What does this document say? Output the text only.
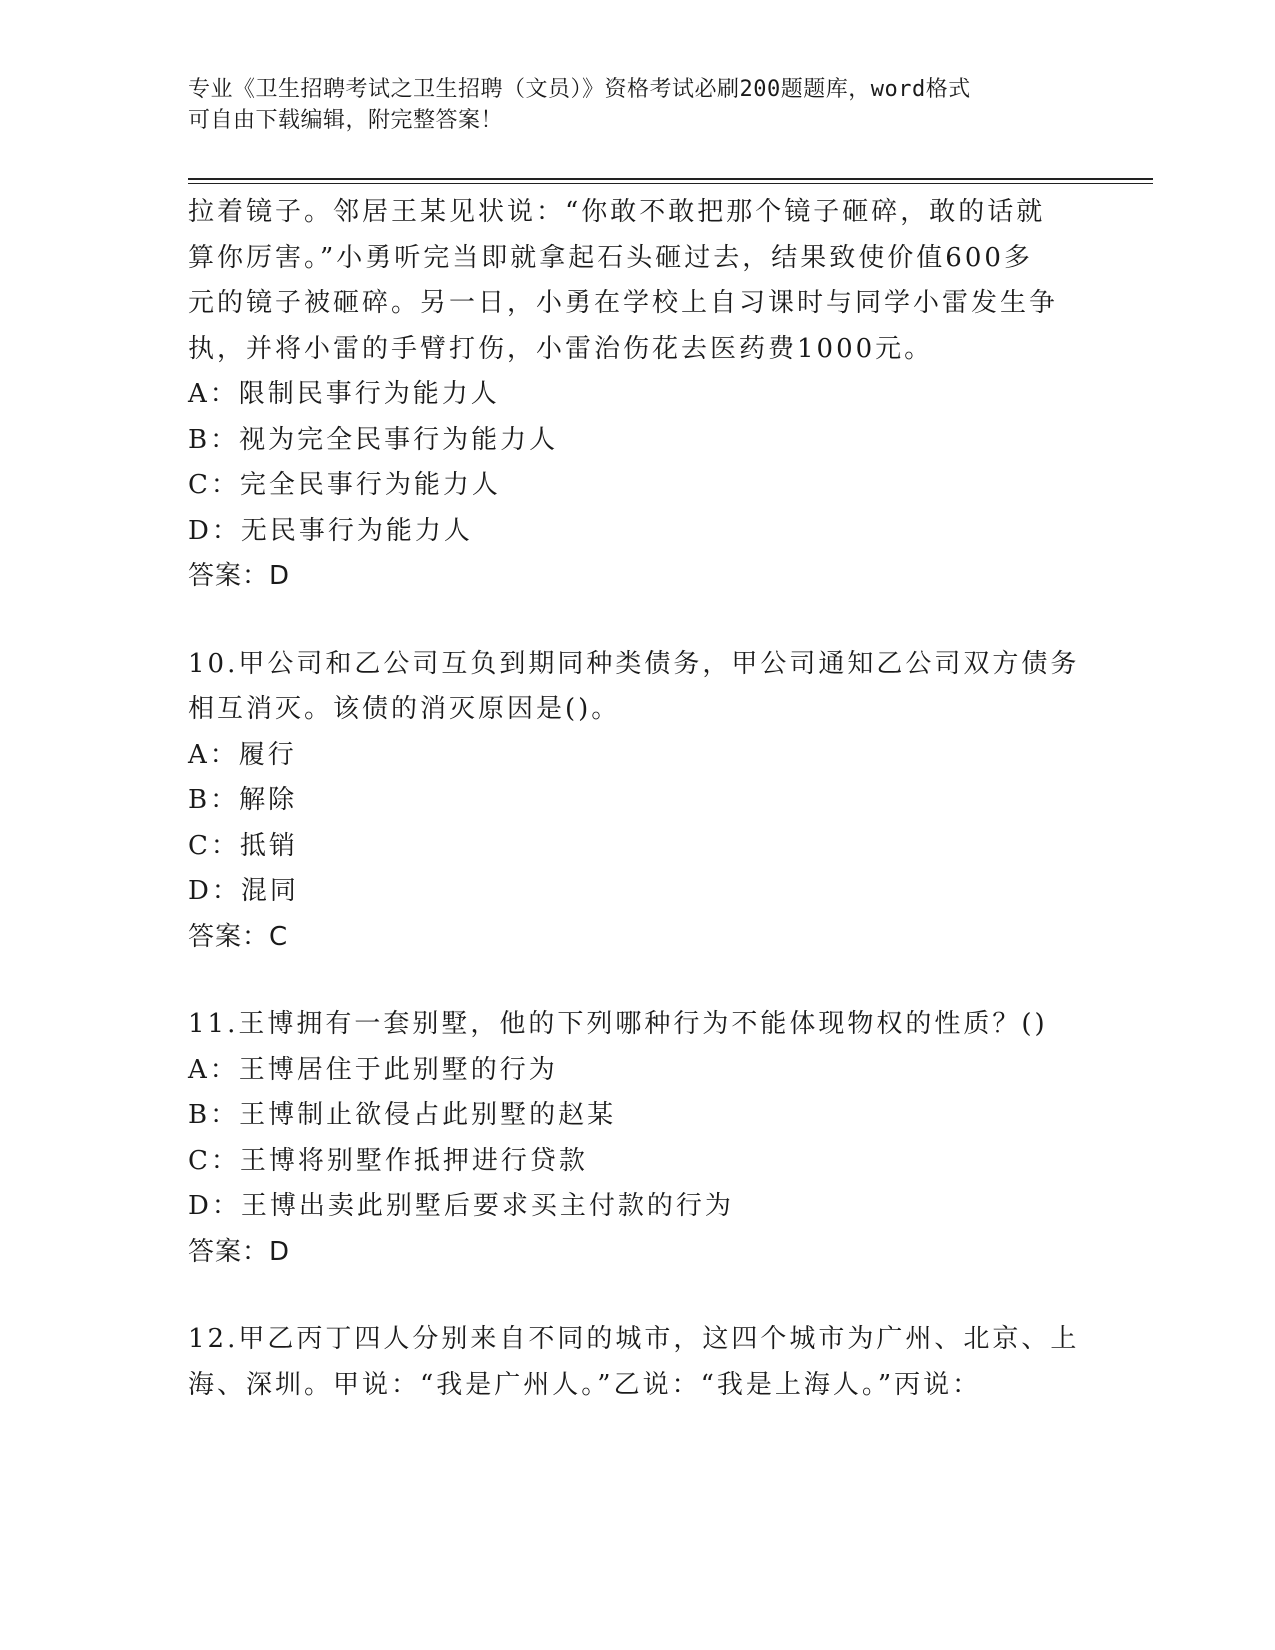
专业《卫生招聘考试之卫生招聘（文员）》资格考试必刷200题题库，word格式
可自由下载编辑，附完整答案！
拉着镜子。邻居王某见状说：“你敢不敢把那个镜子砸碎，敢的话就
算你厉害。”小勇听完当即就拿起石头砸过去，结果致使价值600多
元的镜子被砸碎。另一日，小勇在学校上自习课时与同学小雷发生争
执，并将小雷的手臂打伤，小雷治伤花去医药费1000元。
A：限制民事行为能力人
B：视为完全民事行为能力人
C：完全民事行为能力人
D：无民事行为能力人
答案：D
10.甲公司和乙公司互负到期同种类债务，甲公司通知乙公司双方债务
相互消灭。该债的消灭原因是()。
A：履行
B：解除
C：抵销
D：混同
答案：C
11.王博拥有一套别墅，他的下列哪种行为不能体现物权的性质？()
A：王博居住于此别墅的行为
B：王博制止欲侵占此别墅的赵某
C：王博将别墅作抵押进行贷款
D：王博出卖此别墅后要求买主付款的行为
答案：D
12.甲乙丙丁四人分别来自不同的城市，这四个城市为广州、北京、上
海、深圳。甲说：“我是广州人。”乙说：“我是上海人。”丙说：
